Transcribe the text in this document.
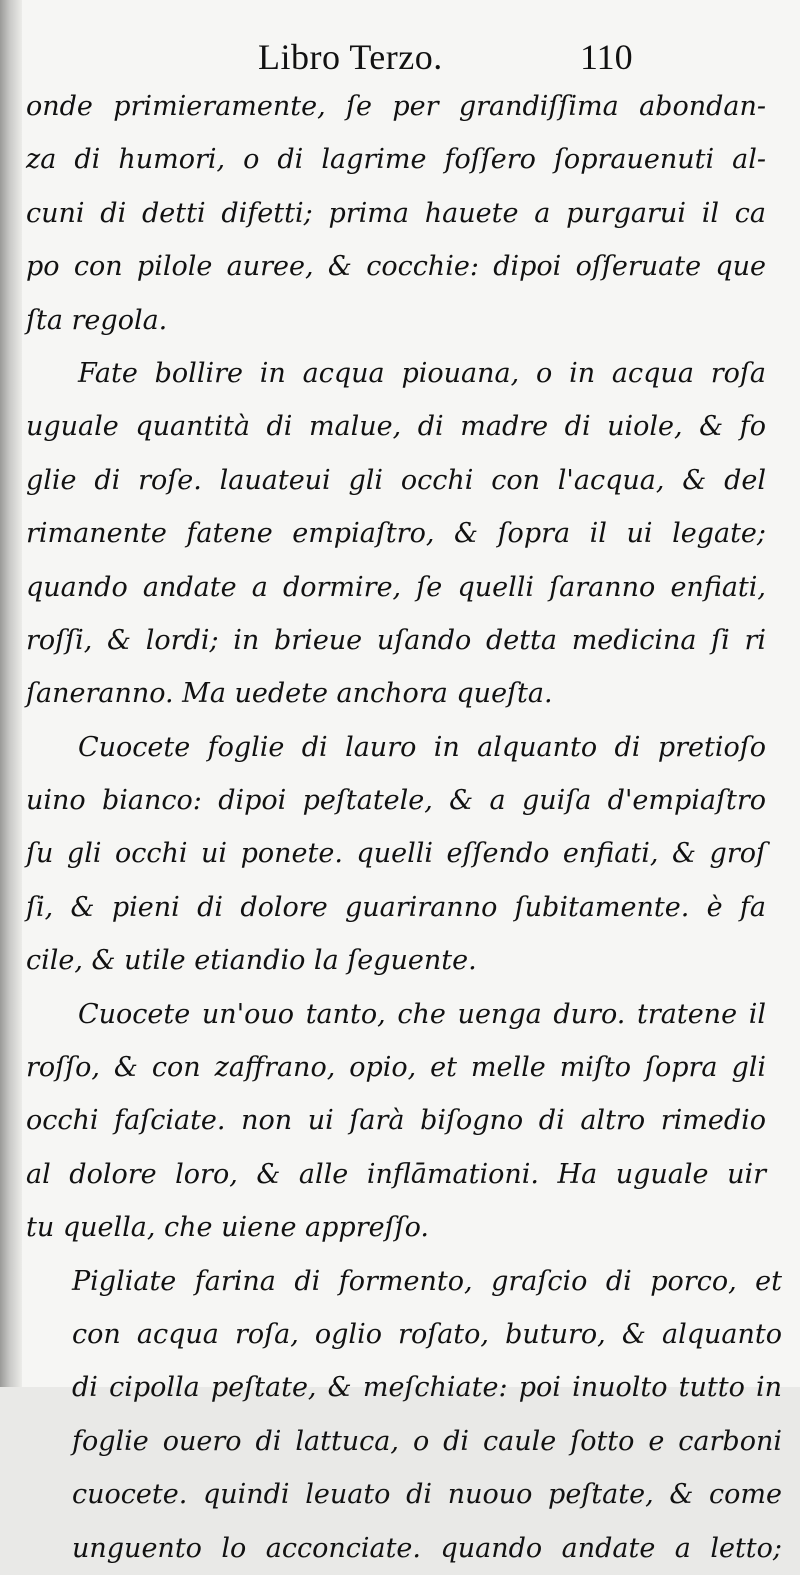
Libro Terzo.	110
onde primieramente, ſe per grandiſſima abondan-
za di humori, o di lagrime foſſero ſoprauenuti al-
cuni di detti difetti; prima hauete a purgarui il ca
po con pilole auree, & cocchie: dipoi oſſeruate que
ſta regola.
Fate bollire in acqua piouana, o in acqua roſa
uguale quantità di malue, di madre di uiole, & fo
glie di roſe. lauateui gli occhi con l'acqua, & del
rimanente fatene empiaſtro, & ſopra il ui legate;
quando andate a dormire, ſe quelli ſaranno enfiati,
roſſi, & lordi; in brieue uſando detta medicina ſi ri
ſaneranno. Ma uedete anchora queſta.
Cuocete foglie di lauro in alquanto di pretioſo
uino bianco: dipoi peſtatele, & a guiſa d'empiaſtro
ſu gli occhi ui ponete. quelli eſſendo enfiati, & groſ
ſi, & pieni di dolore guariranno ſubitamente. è fa
cile, & utile etiandio la ſeguente.
Cuocete un'ouo tanto, che uenga duro. tratene il
roſſo, & con zaffrano, opio, et melle miſto ſopra gli
occhi faſciate. non ui ſarà biſogno di altro rimedio
al dolore loro, & alle inflāmationi. Ha uguale uir
tu quella, che uiene appreſſo.
Pigliate farina di formento, graſcio di porco, et
con acqua roſa, oglio roſato, buturo, & alquanto
di cipolla peſtate, & meſchiate: poi inuolto tutto in
foglie ouero di lattuca, o di caule ſotto e carboni
cuocete. quindi leuato di nuouo peſtate, & come
unguento lo acconciate. quando andate a letto;
